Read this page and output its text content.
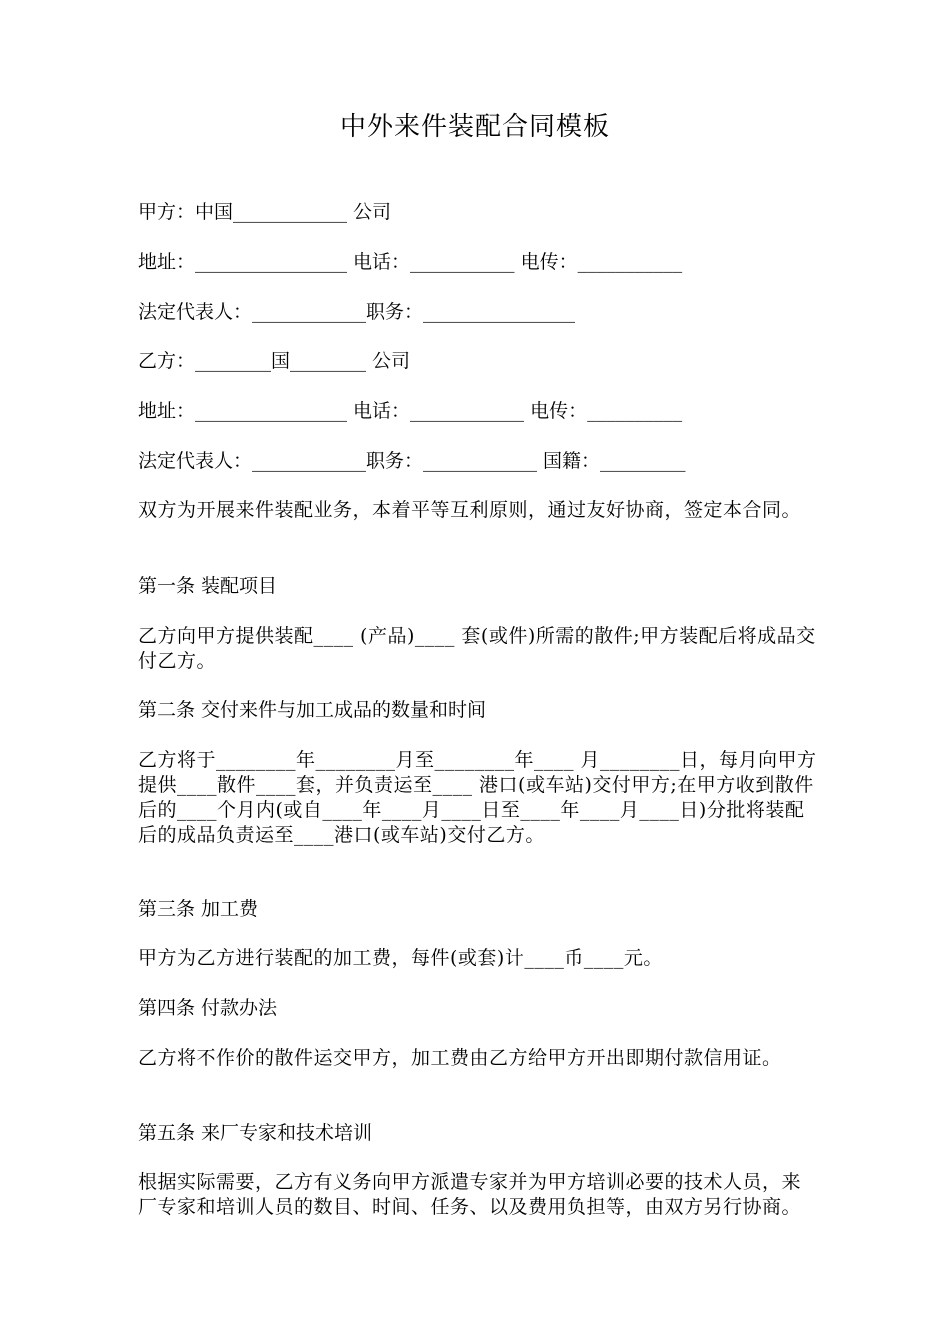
中外来件装配合同模板
甲方：中国____________ 公司
地址：________________ 电话：___________ 电传：___________
法定代表人：____________职务：________________
乙方：________国________ 公司
地址：________________ 电话：____________ 电传：__________
法定代表人：____________职务：____________ 国籍：_________
双方为开展来件装配业务，本着平等互利原则，通过友好协商，签定本合同。
第一条 装配项目
乙方向甲方提供装配____ (产品)____ 套(或件)所需的散件;甲方装配后将成品交付乙方。
第二条 交付来件与加工成品的数量和时间
乙方将于________年________月至________年____ 月________日，每月向甲方提供____散件____套，并负责运至____ 港口(或车站)交付甲方;在甲方收到散件后的____个月内(或自____年____月____日至____年____月____日)分批将装配后的成品负责运至____港口(或车站)交付乙方。
第三条 加工费
甲方为乙方进行装配的加工费，每件(或套)计____币____元。
第四条 付款办法
乙方将不作价的散件运交甲方，加工费由乙方给甲方开出即期付款信用证。
第五条 来厂专家和技术培训
根据实际需要，乙方有义务向甲方派遣专家并为甲方培训必要的技术人员，来厂专家和培训人员的数目、时间、任务、以及费用负担等，由双方另行协商。
